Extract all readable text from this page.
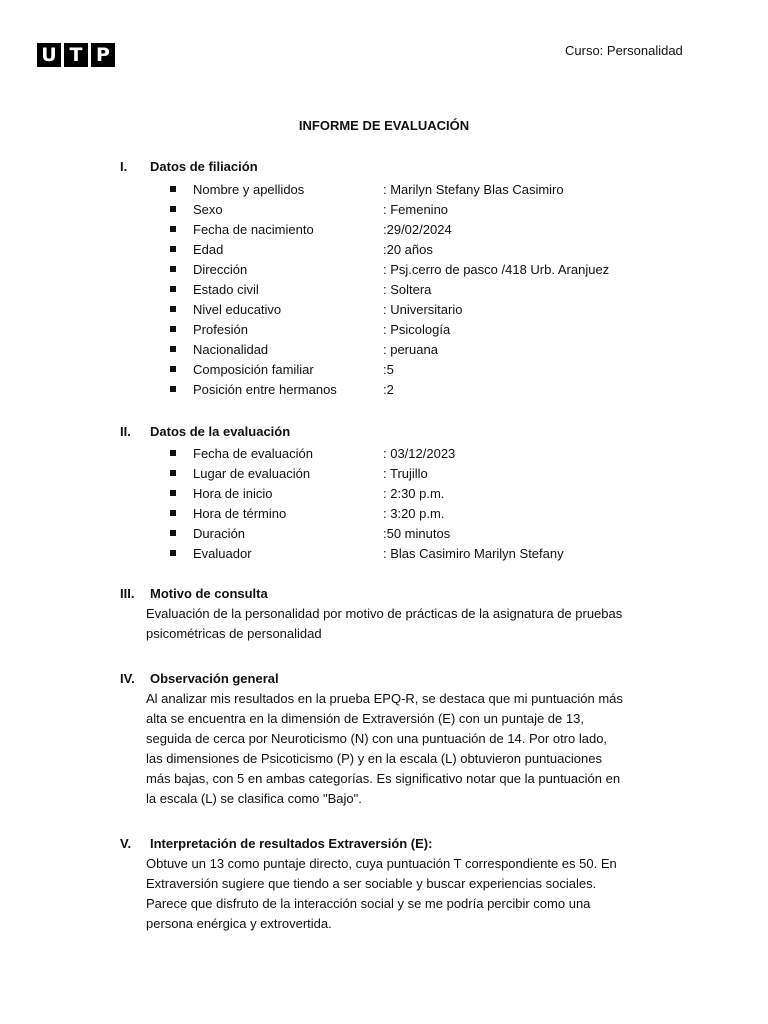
U T P	Curso: Personalidad
INFORME DE EVALUACIÓN
I. Datos de filiación
Nombre y apellidos	: Marilyn Stefany Blas Casimiro
Sexo	: Femenino
Fecha de nacimiento	:29/02/2024
Edad	:20 años
Dirección	: Psj.cerro de pasco /418 Urb. Aranjuez
Estado civil	: Soltera
Nivel educativo	: Universitario
Profesión	: Psicología
Nacionalidad	: peruana
Composición familiar	:5
Posición entre hermanos	:2
II. Datos de la evaluación
Fecha de evaluación	: 03/12/2023
Lugar de evaluación	: Trujillo
Hora de inicio	: 2:30 p.m.
Hora de término	: 3:20 p.m.
Duración	:50 minutos
Evaluador	: Blas Casimiro Marilyn Stefany
III. Motivo de consulta
Evaluación de la personalidad por motivo de prácticas de la asignatura de pruebas
psicométricas de personalidad
IV. Observación general
Al analizar mis resultados en la prueba EPQ-R, se destaca que mi puntuación más
alta se encuentra en la dimensión de Extraversión (E) con un puntaje de 13,
seguida de cerca por Neuroticismo (N) con una puntuación de 14. Por otro lado,
las dimensiones de Psicoticismo (P) y en la escala (L) obtuvieron puntuaciones
más bajas, con 5 en ambas categorías. Es significativo notar que la puntuación en
la escala (L) se clasifica como "Bajo".
V. Interpretación de resultados Extraversión (E):
Obtuve un 13 como puntaje directo, cuya puntuación T correspondiente es 50. En
Extraversión sugiere que tiendo a ser sociable y buscar experiencias sociales.
Parece que disfruto de la interacción social y se me podría percibir como una
persona enérgica y extrovertida.
